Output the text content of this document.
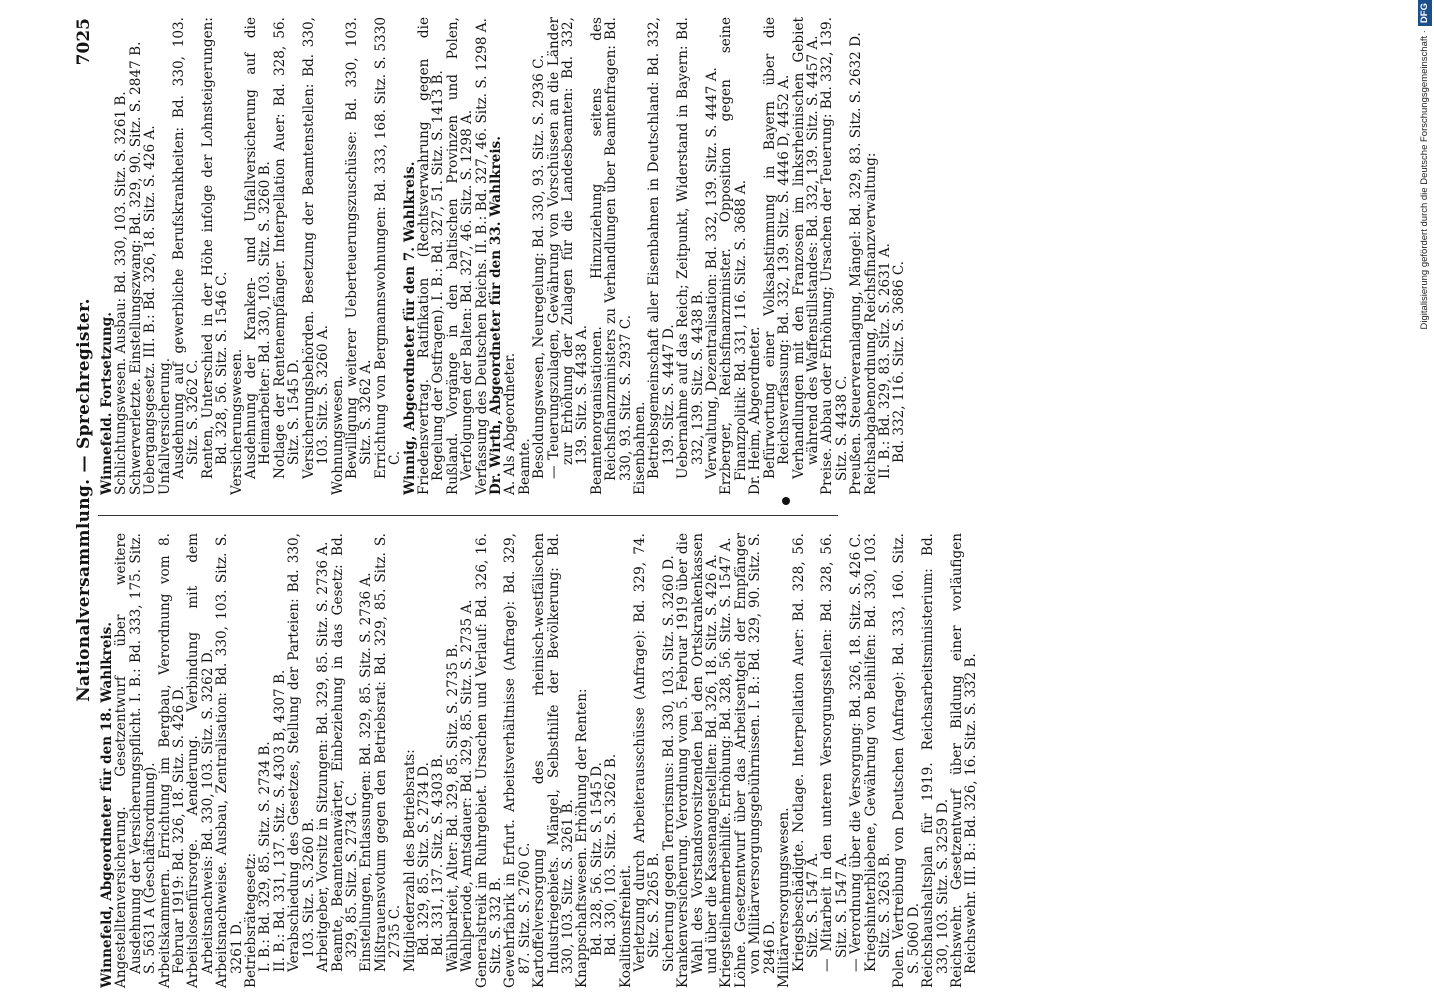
Nationalversammlung. — Sprechregister.
7025
Winnefeld, Abgeordneter für den 18. Wahlkreis.
Angestelltenversicherung. Gesetzentwurf über weitere Ausdehnung der Versicherungspflicht. I. B.: Bd. 333, 175. Sitz. S. 5631 A (Geschäftsordnung).
Arbeitskammern. Errichtung im Bergbau, Verordnung vom 8. Februar 1919: Bd. 326, 18. Sitz. S. 426 D.
Arbeitslosenfürsorge. Aenderung. Verbindung mit dem Arbeitsnachweis: Bd. 330, 103. Sitz. S. 3262 D.
Arbeitsnachweise. Ausbau, Zentralisation: Bd. 330, 103. Sitz. S. 3261 D.
Betriebsrätegesetz:
I. B.: Bd. 329, 85. Sitz. S. 2734 B.
II. B.: Bd. 331, 137. Sitz. S. 4303 B, 4307 B.
Verabschiedung des Gesetzes, Stellung der Parteien: Bd. 330, 103. Sitz. S. 3260 B.
Arbeitgeber, Vorsitz in Sitzungen: Bd. 329, 85. Sitz. S. 2736 A.
Beamte, Beamtenanwärter, Einbeziehung in das Gesetz: Bd. 329, 85. Sitz. S. 2734 C.
Einstellungen, Entlassungen: Bd. 329, 85. Sitz. S. 2736 A.
Mißtrauensvotum gegen den Betriebsrat: Bd. 329, 85. Sitz. S. 2735 C.
Mitgliederzahl des Betriebsrats:
Bd. 329, 85. Sitz. S. 2734 D.
Bd. 331, 137. Sitz. S. 4303 B.
Wählbarkeit, Alter: Bd. 329, 85. Sitz. S. 2735 B.
Wahlperiode, Amtsdauer: Bd. 329, 85. Sitz. S. 2735 A.
Generalstreik im Ruhrgebiet. Ursachen und Verlauf: Bd. 326, 16. Sitz. S. 332 B.
Gewehrfabrik in Erfurt. Arbeitsverhältnisse (Anfrage): Bd. 329, 87. Sitz. S. 2760 C.
Kartoffelversorgung des rheinisch-westfälischen Industriegebiets. Mängel, Selbsthilfe der Bevölkerung: Bd. 330, 103. Sitz. S. 3261 B.
Knappschaftswesen. Erhöhung der Renten:
Bd. 328, 56. Sitz. S. 1545 D.
Bd. 330, 103. Sitz. S. 3262 B.
Koalitionsfreiheit.
Verletzung durch Arbeiterausschüsse (Anfrage): Bd. 329, 74. Sitz. S. 2265 B.
Sicherung gegen Terrorismus: Bd. 330, 103. Sitz. S. 3260 D.
Krankenversicherung. Verordnung vom 5. Februar 1919 über die Wahl des Vorstandsvorsitzenden bei den Ortskrankenkassen und über die Kassenangestellten: Bd. 326, 18. Sitz. S. 426 A.
Kriegsteilnehmerbeihilfe. Erhöhung: Bd. 328, 56. Sitz. S. 1547 A.
Löhne. Gesetzentwurf über das Arbeitsentgelt der Empfänger von Militärversorgungsgebührnissen. I. B.: Bd. 329, 90. Sitz. S. 2846 D.
Militärversorgungswesen.
Kriegsbeschädigte. Notlage. Interpellation Auer: Bd. 328, 56. Sitz. S. 1547 A.
— Mitarbeit in den unteren Versorgungsstellen: Bd. 328, 56. Sitz. S. 1547 A.
— Verordnung über die Versorgung: Bd. 326, 18. Sitz. S. 426 C.
Kriegshinterbliebene, Gewährung von Beihilfen: Bd. 330, 103. Sitz. S. 3263 B.
Polen. Vertreibung von Deutschen (Anfrage): Bd. 333, 160. Sitz. S. 5060 D.
Reichshaushaltsplan für 1919. Reichsarbeitsministerium: Bd. 330, 103. Sitz. S. 3259 D.
Reichswehr. Gesetzentwurf über Bildung einer vorläufigen Reichswehr. III. B.: Bd. 326, 16. Sitz. S. 332 B.
Winnefeld. Fortsetzung.
Schlichtungswesen. Ausbau: Bd. 330, 103. Sitz. S. 3261 B.
Schwerverletzte. Einstellungszwang: Bd. 329, 90. Sitz. S. 2847 B.
Uebergangsgesetz. III. B.: Bd. 326, 18. Sitz. S. 426 A.
Unfallversicherung.
Ausdehnung auf gewerbliche Berufskrankheiten: Bd. 330, 103. Sitz. S. 3262 C.
Renten, Unterschied in der Höhe infolge der Lohnsteigerungen: Bd. 328, 56. Sitz. S. 1546 C.
Versicherungswesen.
Ausdehnung der Kranken- und Unfallversicherung auf die Heimarbeiter: Bd. 330, 103. Sitz. S. 3260 B.
Notlage der Rentenempfänger. Interpellation Auer: Bd. 328, 56. Sitz. S. 1545 D.
Versicherungsbehörden. Besetzung der Beamtenstellen: Bd. 330, 103. Sitz. S. 3260 A.
Wohnungswesen.
Bewilligung weiterer Ueberteuerungszuschüsse: Bd. 330, 103. Sitz. S. 3262 A.
Errichtung von Bergmannswohnungen: Bd. 333, 168. Sitz. S. 5330 C.
Winnig, Abgeordneter für den 7. Wahlkreis.
Friedensvertrag. Ratifikation (Rechtsverwahrung gegen die Regelung der Ostfragen). I. B.: Bd. 327, 51. Sitz. S. 1413 B.
Rußland. Vorgänge in den baltischen Provinzen und Polen, Verfolgungen der Balten: Bd. 327, 46. Sitz. S. 1298 A.
Verfassung des Deutschen Reichs. II. B.: Bd. 327, 46. Sitz. S. 1298 A.
Dr. Wirth, Abgeordneter für den 33. Wahlkreis.
A. Als Abgeordneter.
Beamte.
Besoldungswesen, Neuregelung: Bd. 330, 93. Sitz. S. 2936 C.
— Teuerungszulagen, Gewährung von Vorschüssen an die Länder zur Erhöhung der Zulagen für die Landesbeamten: Bd. 332, 139. Sitz. S. 4438 A.
Beamtenorganisationen. Hinzuziehung seitens des Reichsfinanzministers zu Verhandlungen über Beamtenfragen: Bd. 330, 93. Sitz. S. 2937 C.
Eisenbahnen.
Betriebsgemeinschaft aller Eisenbahnen in Deutschland: Bd. 332, 139. Sitz. S. 4447 D.
Uebernahme auf das Reich; Zeitpunkt, Widerstand in Bayern: Bd. 332, 139. Sitz. S. 4438 B.
Verwaltung, Dezentralisation: Bd. 332, 139. Sitz. S. 4447 A.
Erzberger, Reichsfinanzminister. Opposition gegen seine Finanzpolitik: Bd. 331, 116. Sitz. S. 3688 A.
Dr. Heim, Abgeordneter.
Befürwortung einer Volksabstimmung in Bayern über die Reichsverfassung: Bd. 332, 139. Sitz. S. 4446 D, 4452 A.
Verhandlungen mit den Franzosen im linksrheinischen Gebiet während des Waffenstillstandes: Bd. 332, 139. Sitz. S. 4457 A.
Preise. Abbau oder Erhöhung; Ursachen der Teuerung: Bd. 332, 139. Sitz. S. 4438 C.
Preußen. Steuerveranlagung, Mängel: Bd. 329, 83. Sitz. S. 2632 D.
Reichsabgabenordnung, Reichsfinanzverwaltung:
II. B.: Bd. 329, 83. Sitz. S. 2631 A.
Bd. 332, 116. Sitz. S. 3686 C.
Digitalisierung gefördert durch die Deutsche Forschungsgemeinschaft ·DFG
